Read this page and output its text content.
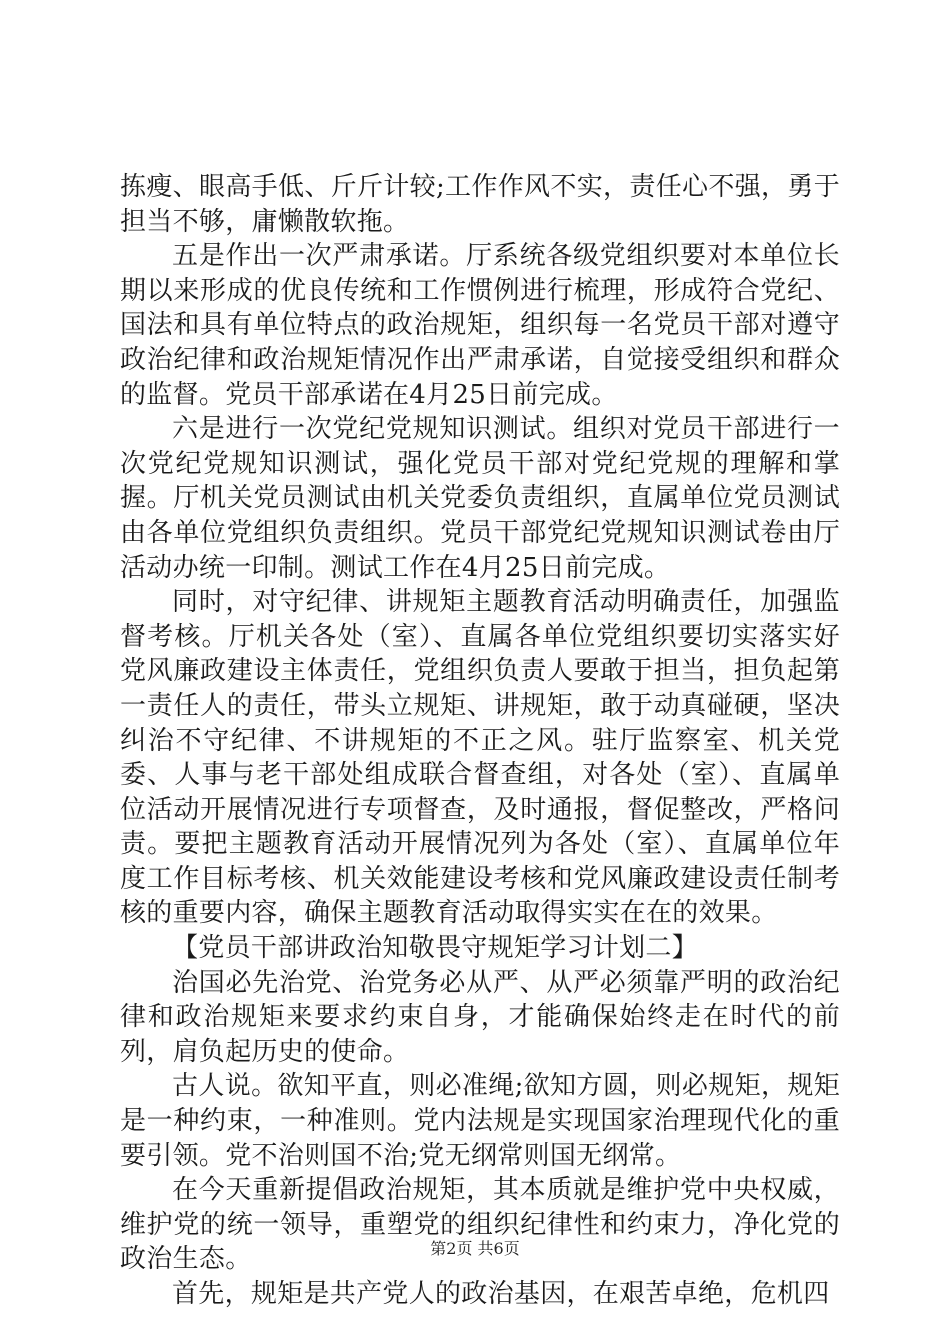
拣瘦、眼高手低、斤斤计较;工作作风不实，责任心不强，勇于担当不够，庸懒散软拖。

五是作出一次严肃承诺。厅系统各级党组织要对本单位长期以来形成的优良传统和工作惯例进行梳理，形成符合党纪、国法和具有单位特点的政治规矩，组织每一名党员干部对遵守政治纪律和政治规矩情况作出严肃承诺，自觉接受组织和群众的监督。党员干部承诺在4月25日前完成。

六是进行一次党纪党规知识测试。组织对党员干部进行一次党纪党规知识测试，强化党员干部对党纪党规的理解和掌握。厅机关党员测试由机关党委负责组织，直属单位党员测试由各单位党组织负责组织。党员干部党纪党规知识测试卷由厅活动办统一印制。测试工作在4月25日前完成。

同时，对守纪律、讲规矩主题教育活动明确责任，加强监督考核。厅机关各处（室）、直属各单位党组织要切实落实好党风廉政建设主体责任，党组织负责人要敢于担当，担负起第一责任人的责任，带头立规矩、讲规矩，敢于动真碰硬，坚决纠治不守纪律、不讲规矩的不正之风。驻厅监察室、机关党委、人事与老干部处组成联合督查组，对各处（室）、直属单位活动开展情况进行专项督查，及时通报，督促整改，严格问责。要把主题教育活动开展情况列为各处（室）、直属单位年度工作目标考核、机关效能建设考核和党风廉政建设责任制考核的重要内容，确保主题教育活动取得实实在在的效果。

【党员干部讲政治知敬畏守规矩学习计划二】

治国必先治党、治党务必从严、从严必须靠严明的政治纪律和政治规矩来要求约束自身，才能确保始终走在时代的前列，肩负起历史的使命。

古人说。欲知平直，则必准绳;欲知方圆，则必规矩，规矩是一种约束，一种准则。党内法规是实现国家治理现代化的重要引领。党不治则国不治;党无纲常则国无纲常。

在今天重新提倡政治规矩，其本质就是维护党中央权威，维护党的统一领导，重塑党的组织纪律性和约束力，净化党的政治生态。

首先，规矩是共产党人的政治基因，在艰苦卓绝，危机四

第2页 共6页
